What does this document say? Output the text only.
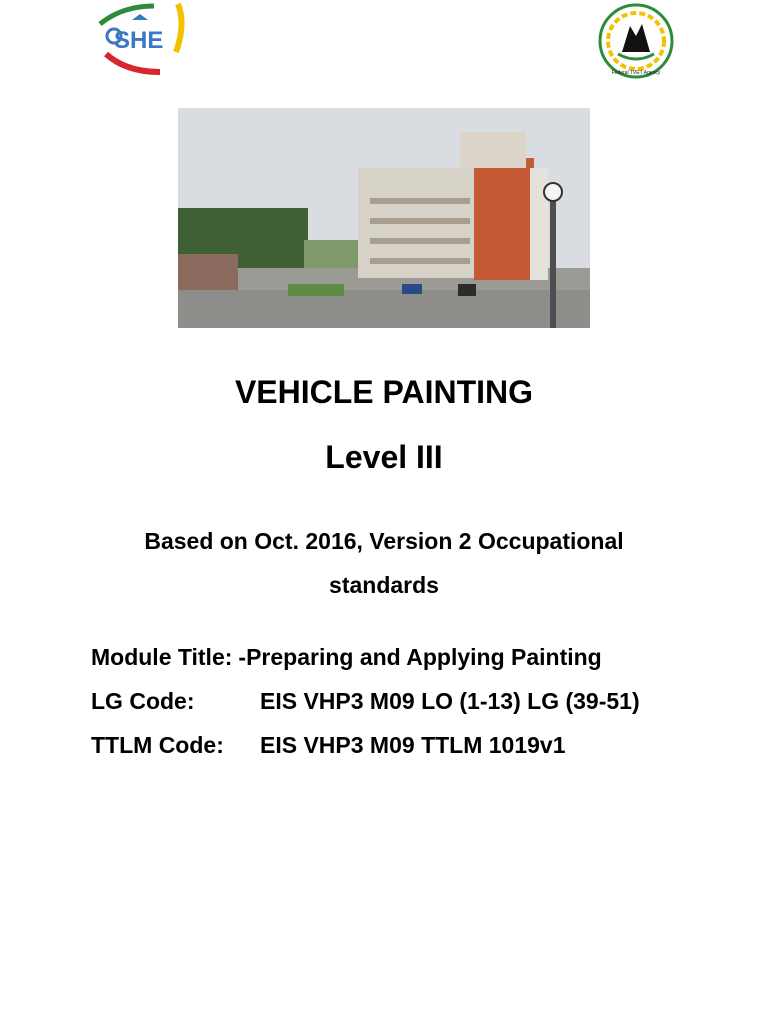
SHE
Federal TVET Agency
VEHICLE PAINTING
Level III
Based on Oct. 2016, Version 2 Occupational
standards
Module Title: -Preparing and Applying Painting
LG Code:	EIS VHP3 M09 LO (1-13) LG (39-51)
TTLM Code: EIS VHP3 M09 TTLM 1019v1
